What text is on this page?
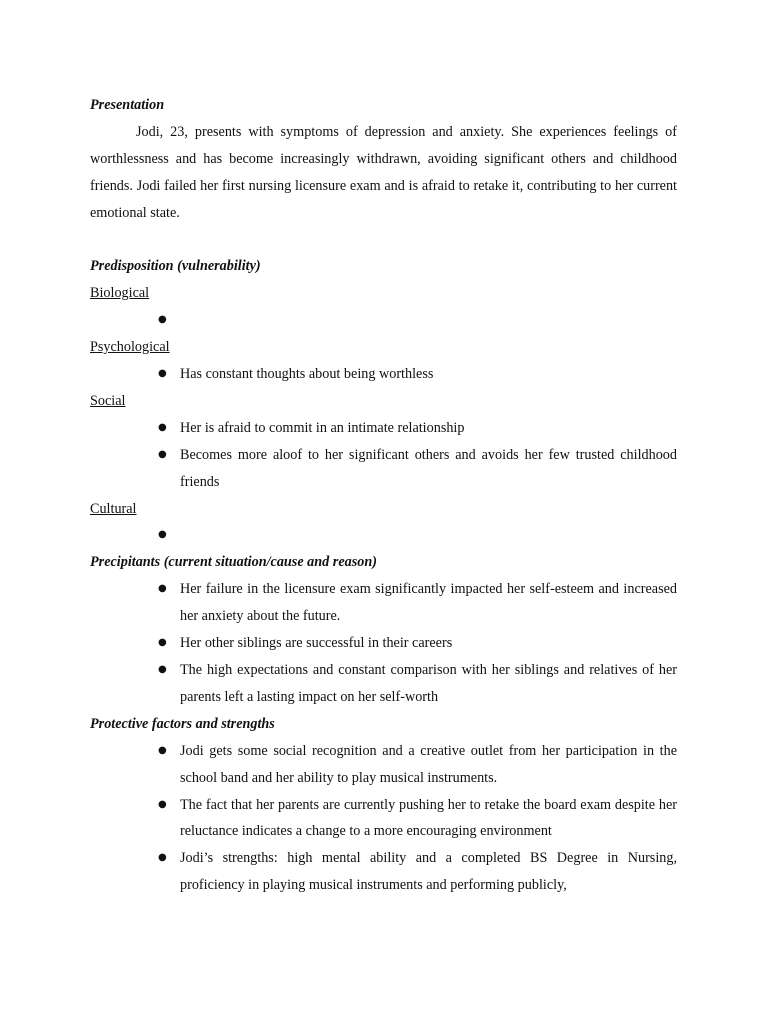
Presentation

Jodi, 23, presents with symptoms of depression and anxiety. She experiences feelings of worthlessness and has become increasingly withdrawn, avoiding significant others and childhood friends. Jodi failed her first nursing licensure exam and is afraid to retake it, contributing to her current emotional state.

Predisposition (vulnerability)

Biological

●

Psychological

● Has constant thoughts about being worthless

Social

● Her is afraid to commit in an intimate relationship
● Becomes more aloof to her significant others and avoids her few trusted childhood friends

Cultural

●

Precipitants (current situation/cause and reason)

● Her failure in the licensure exam significantly impacted her self-esteem and increased her anxiety about the future.
● Her other siblings are successful in their careers
● The high expectations and constant comparison with her siblings and relatives of her parents left a lasting impact on her self-worth

Protective factors and strengths

● Jodi gets some social recognition and a creative outlet from her participation in the school band and her ability to play musical instruments.
● The fact that her parents are currently pushing her to retake the board exam despite her reluctance indicates a change to a more encouraging environment
● Jodi’s strengths: high mental ability and a completed BS Degree in Nursing, proficiency in playing musical instruments and performing publicly,
